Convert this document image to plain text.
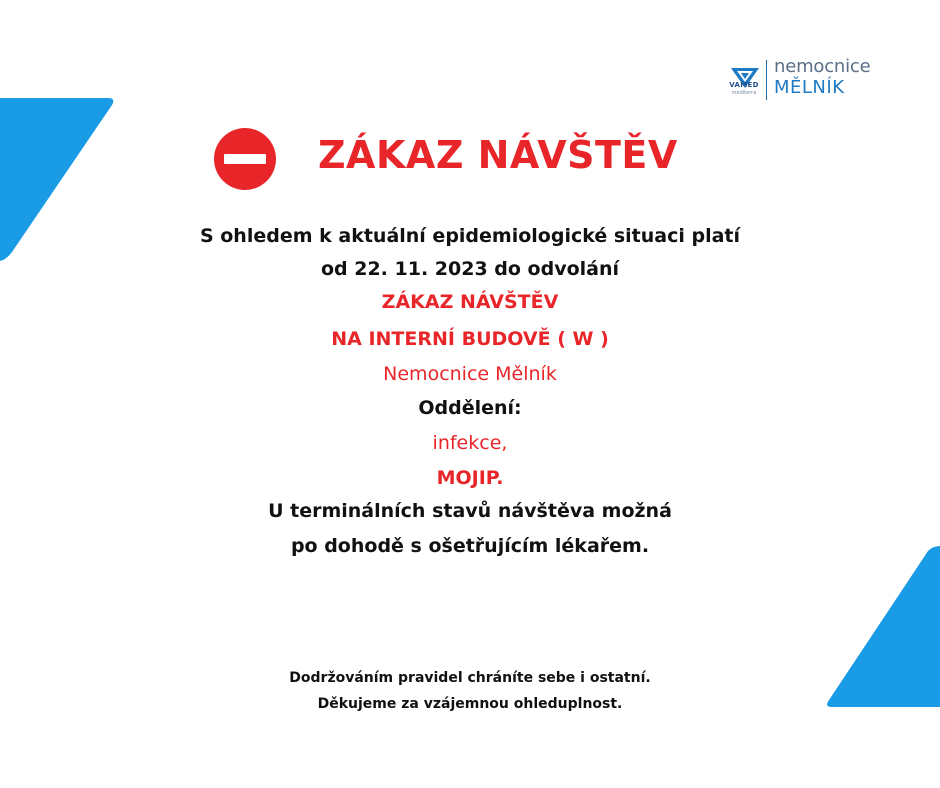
VAMED
mediterra
nemocnice
MĚLNÍK
ZÁKAZ NÁVŠTĚV
S ohledem k aktuální epidemiologické situaci platí
od 22. 11. 2023 do odvolání
ZÁKAZ NÁVŠTĚV
NA INTERNÍ BUDOVĚ ( W )
Nemocnice Mělník
Oddělení:
infekce,
MOJIP.
U terminálních stavů návštěva možná
po dohodě s ošetřujícím lékařem.
Dodržováním pravidel chráníte sebe i ostatní.
Děkujeme za vzájemnou ohleduplnost.
